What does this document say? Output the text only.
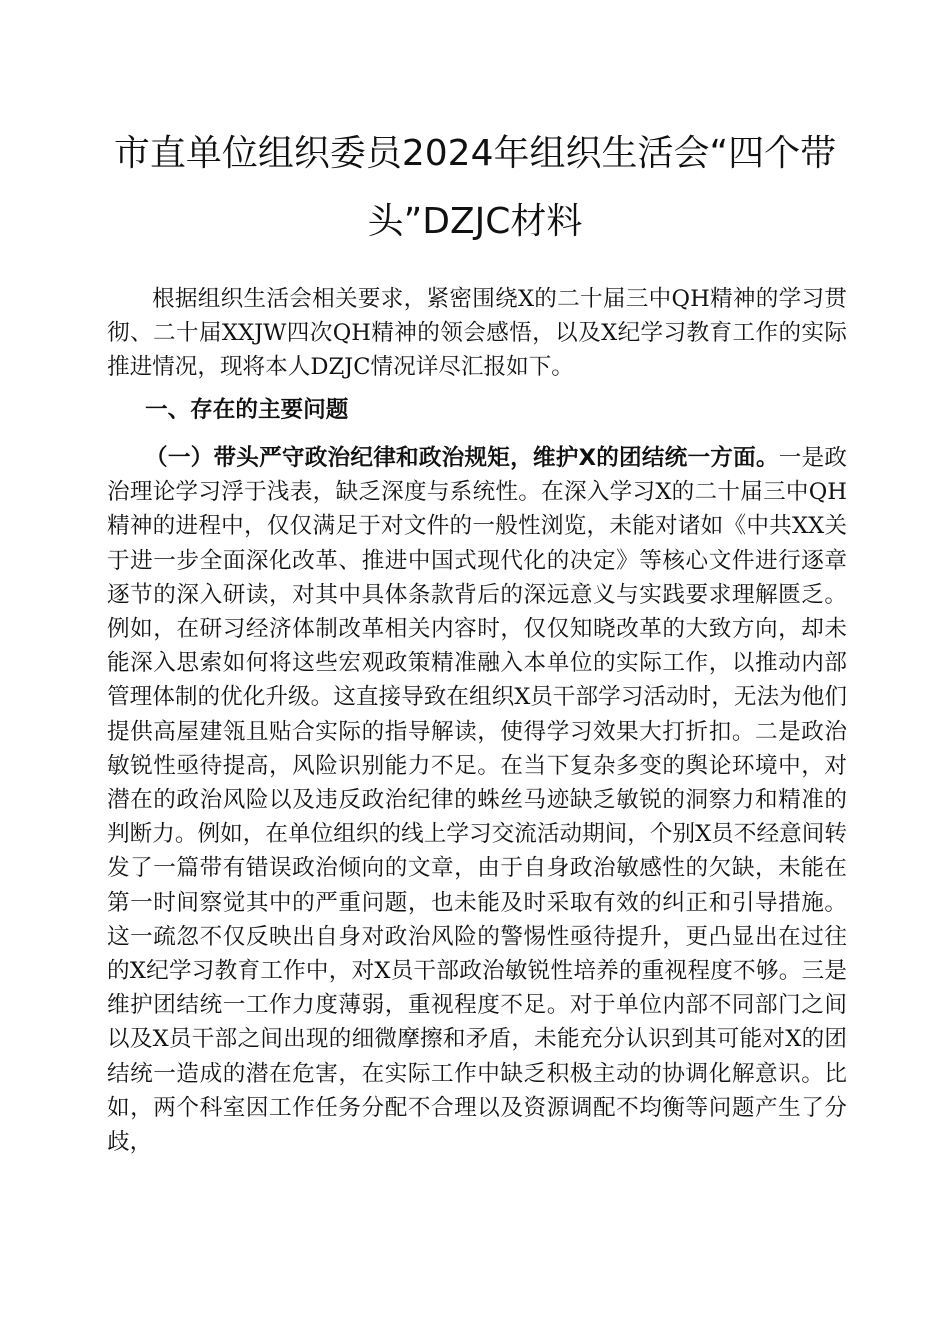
市直单位组织委员2024年组织生活会“四个带
头”DZJC材料

根据组织生活会相关要求，紧密围绕X的二十届三中QH精神的学习贯彻、二十届XXJW四次QH精神的领会感悟，以及X纪学习教育工作的实际推进情况，现将本人DZJC情况详尽汇报如下。

一、存在的主要问题

（一）带头严守政治纪律和政治规矩，维护X的团结统一方面。一是政治理论学习浮于浅表，缺乏深度与系统性。在深入学习X的二十届三中QH精神的进程中，仅仅满足于对文件的一般性浏览，未能对诸如《中共XX关于进一步全面深化改革、推进中国式现代化的决定》等核心文件进行逐章逐节的深入研读，对其中具体条款背后的深远意义与实践要求理解匮乏。例如，在研习经济体制改革相关内容时，仅仅知晓改革的大致方向，却未能深入思索如何将这些宏观政策精准融入本单位的实际工作，以推动内部管理体制的优化升级。这直接导致在组织X员干部学习活动时，无法为他们提供高屋建瓴且贴合实际的指导解读，使得学习效果大打折扣。二是政治敏锐性亟待提高，风险识别能力不足。在当下复杂多变的舆论环境中，对潜在的政治风险以及违反政治纪律的蛛丝马迹缺乏敏锐的洞察力和精准的判断力。例如，在单位组织的线上学习交流活动期间，个别X员不经意间转发了一篇带有错误政治倾向的文章，由于自身政治敏感性的欠缺，未能在第一时间察觉其中的严重问题，也未能及时采取有效的纠正和引导措施。这一疏忽不仅反映出自身对政治风险的警惕性亟待提升，更凸显出在过往的X纪学习教育工作中，对X员干部政治敏锐性培养的重视程度不够。三是维护团结统一工作力度薄弱，重视程度不足。对于单位内部不同部门之间以及X员干部之间出现的细微摩擦和矛盾，未能充分认识到其可能对X的团结统一造成的潜在危害，在实际工作中缺乏积极主动的协调化解意识。比如，两个科室因工作任务分配不合理以及资源调配不均衡等问题产生了分歧，
